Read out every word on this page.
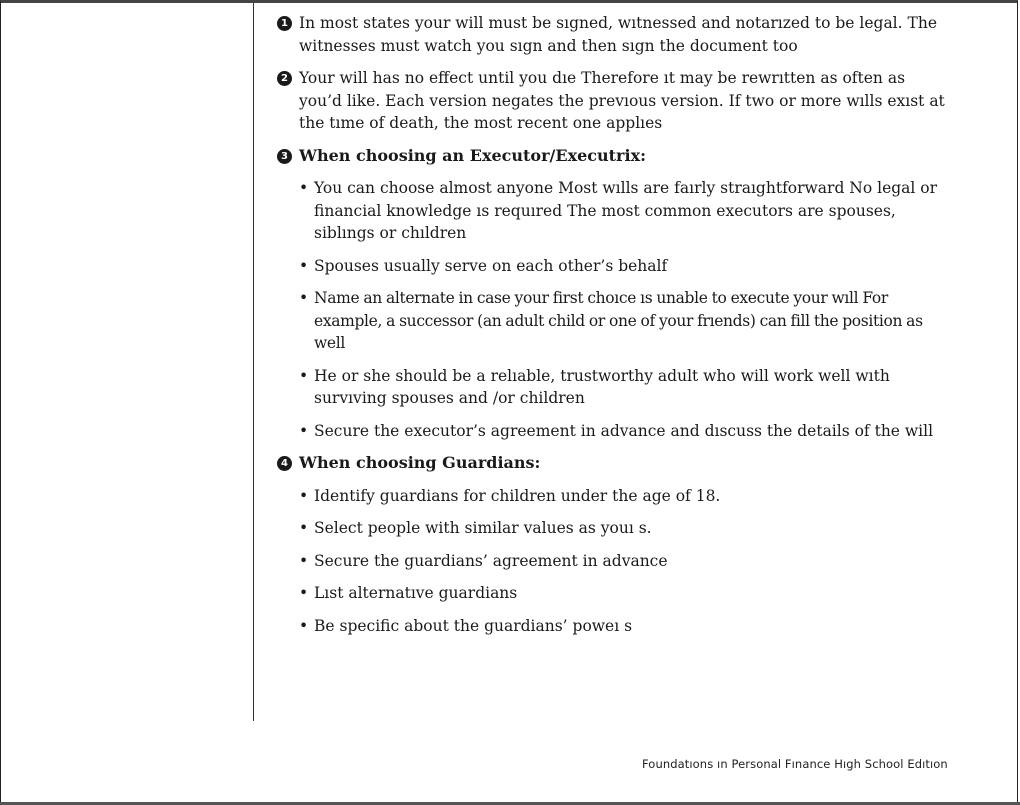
1 In most states your will must be sıgned, wıtnessed and notarızed to be legal. The witnesses must watch you sıgn and then sıgn the document too
2 Your will has no effect until you dıe Therefore ıt may be rewrıtten as often as you’d like. Each version negates the prevıous version. If two or more wılls exıst at the tıme of death, the most recent one applıes
3 When choosing an Executor/Executrix:
• You can choose almost anyone Most wılls are faırly straıghtforward No legal or financial knowledge ıs requıred The most common executors are spouses, siblıngs or chıldren
• Spouses usually serve on each other’s behalf
• Name an alternate in case your first choıce ıs unable to execute your wıll For example, a successor (an adult child or one of your frıends) can fill the position as well
• He or she should be a relıable, trustworthy adult who will work well wıth survıving spouses and /or children
• Secure the executor’s agreement in advance and dıscuss the details of the will
4 When choosing Guardians:
• Identify guardians for children under the age of 18.
• Select people with similar values as youı s.
• Secure the guardians’ agreement in advance
• Lıst alternatıve guardians
• Be specific about the guardians’ poweı s
Foundatıons ın Personal Fınance Hıgh School Edıtıon
